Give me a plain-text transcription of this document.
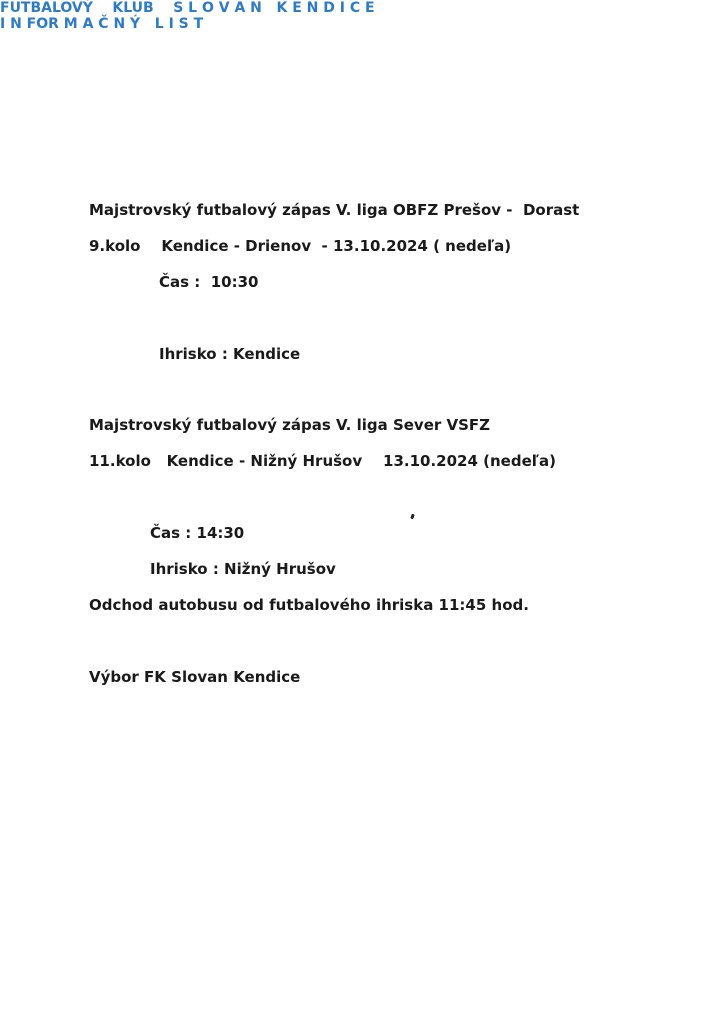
FUTBALOVÝ    KLUB    S L O V A N   K E N D I C E
I N FOR M A Č N Ý   L I S T
Majstrovský futbalový zápas V. liga OBFZ Prešov -  Dorast
9.kolo    Kendice - Drienov  - 13.10.2024 ( nedeľa)
Čas :  10:30
Ihrisko : Kendice
Majstrovský futbalový zápas V. liga Sever VSFZ
11.kolo   Kendice - Nižný Hrušov    13.10.2024 (nedeľa)
Čas : 14:30
Ihrisko : Nižný Hrušov
Odchod autobusu od futbalového ihriska 11:45 hod.
Výbor FK Slovan Kendice
